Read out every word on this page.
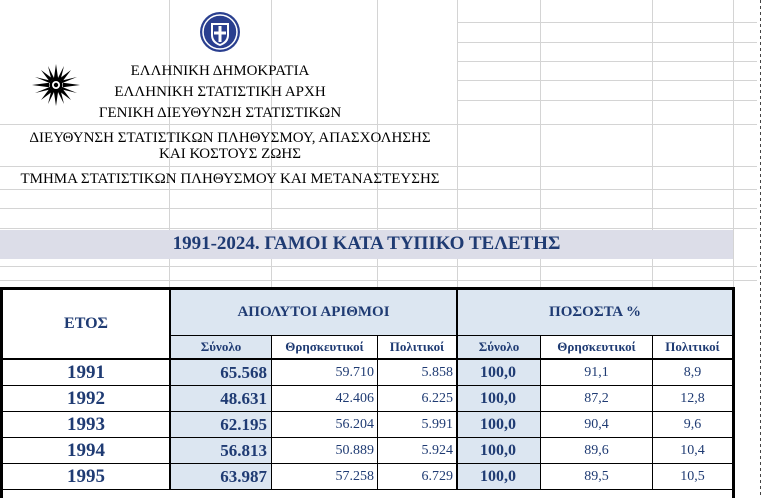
ΕΛΛΗΝΙΚΗ ΔΗΜΟΚΡΑΤΙΑ
ΕΛΛΗΝΙΚΗ ΣΤΑΤΙΣΤΙΚΗ ΑΡΧΗ
ΓΕΝΙΚΗ ΔΙΕΥΘΥΝΣΗ ΣΤΑΤΙΣΤΙΚΩΝ
ΔΙΕΥΘΥΝΣΗ ΣΤΑΤΙΣΤΙΚΩΝ ΠΛΗΘΥΣΜΟΥ, ΑΠΑΣΧΟΛΗΣΗΣ
ΚΑΙ ΚΟΣΤΟΥΣ ΖΩΗΣ
ΤΜΗΜΑ ΣΤΑΤΙΣΤΙΚΩΝ ΠΛΗΘΥΣΜΟΥ ΚΑΙ ΜΕΤΑΝΑΣΤΕΥΣΗΣ
1991-2024. ΓΑΜΟΙ ΚΑΤΑ ΤΥΠΙΚΟ ΤΕΛΕΤΗΣ
ΕΤΟΣ
ΑΠΟΛΥΤΟΙ ΑΡΙΘΜΟΙ	ΠΟΣΟΣΤΑ %
Σύνολο	Θρησκευτικοί	Πολιτικοί	Σύνολο	Θρησκευτικοί	Πολιτικοί
1991	65.568	59.710	5.858	100,0	91,1	8,9
1992	48.631	42.406	6.225	100,0	87,2	12,8
1993	62.195	56.204	5.991	100,0	90,4	9,6
1994	56.813	50.889	5.924	100,0	89,6	10,4
1995	63.987	57.258	6.729	100,0	89,5	10,5
